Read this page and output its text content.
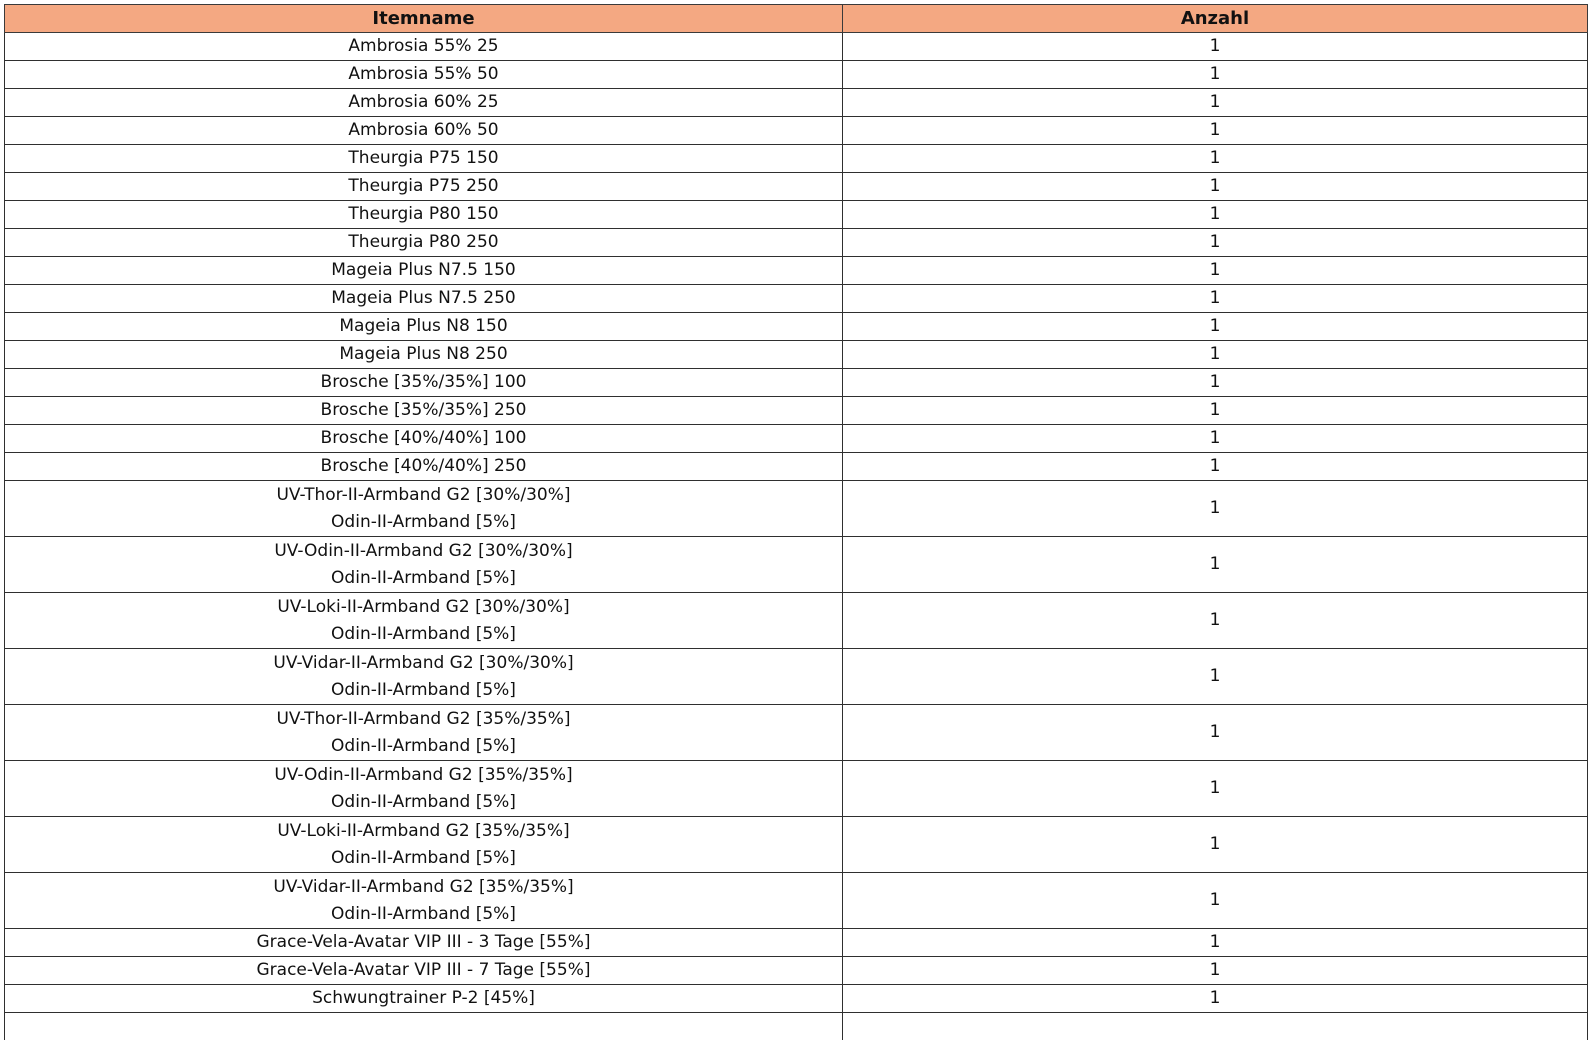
Itemname	Anzahl
Ambrosia 55% 25	1
Ambrosia 55% 50	1
Ambrosia 60% 25	1
Ambrosia 60% 50	1
Theurgia P75 150	1
Theurgia P75 250	1
Theurgia P80 150	1
Theurgia P80 250	1
Mageia Plus N7.5 150	1
Mageia Plus N7.5 250	1
Mageia Plus N8 150	1
Mageia Plus N8 250	1
Brosche [35%/35%] 100	1
Brosche [35%/35%] 250	1
Brosche [40%/40%] 100	1
Brosche [40%/40%] 250	1

UV-Thor-II-Armband G2 [30%/30%]
Odin-II-Armband [5%]	1

UV-Odin-II-Armband G2 [30%/30%]
Odin-II-Armband [5%]	1

UV-Loki-II-Armband G2 [30%/30%]
Odin-II-Armband [5%]	1

UV-Vidar-II-Armband G2 [30%/30%]
Odin-II-Armband [5%]	1

UV-Thor-II-Armband G2 [35%/35%]
Odin-II-Armband [5%]	1

UV-Odin-II-Armband G2 [35%/35%]
Odin-II-Armband [5%]	1

UV-Loki-II-Armband G2 [35%/35%]
Odin-II-Armband [5%]	1

UV-Vidar-II-Armband G2 [35%/35%]
Odin-II-Armband [5%]	1
Grace-Vela-Avatar VIP III - 3 Tage [55%]	1
Grace-Vela-Avatar VIP III - 7 Tage [55%]	1
Schwungtrainer P-2 [45%]	1
